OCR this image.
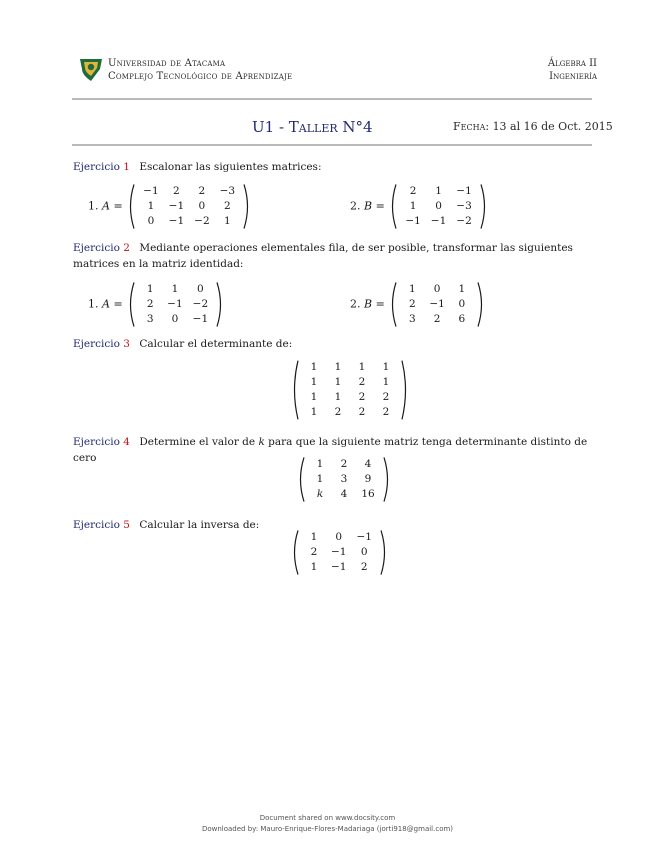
Universidad de Atacama
Complejo Tecnológico de Aprendizaje
Álgebra II
Ingeniería
U1 - Taller N°4	Fecha: 13 al 16 de Oct. 2015
Ejercicio 1 Escalonar las siguientes matrices:
1. A =
−1	2	2	−3
1	−1	0	2
0	−1	−2	1
2. B =
2	1	−1
1	0	−3
−1	−1	−2
Ejercicio 2 Mediante operaciones elementales fila, de ser posible, transformar las siguientes matrices en la matriz identidad:
1. A =
1	1	0
2	−1	−2
3	0	−1
2. B =
1	0	1
2	−1	0
3	2	6
Ejercicio 3 Calcular el determinante de:
1	1	1	1
1	1	2	1
1	1	2	2
1	2	2	2
Ejercicio 4 Determine el valor de k para que la siguiente matriz tenga determinante distinto de cero	1	2	4
1	3	9
k	4	16
Ejercicio 5 Calcular la inversa de:
1	0	−1
2	−1	0
1	−1	2
Document shared on www.docsity.com
Downloaded by: Mauro-Enrique-Flores-Madariaga (jorti918@gmail.com)
